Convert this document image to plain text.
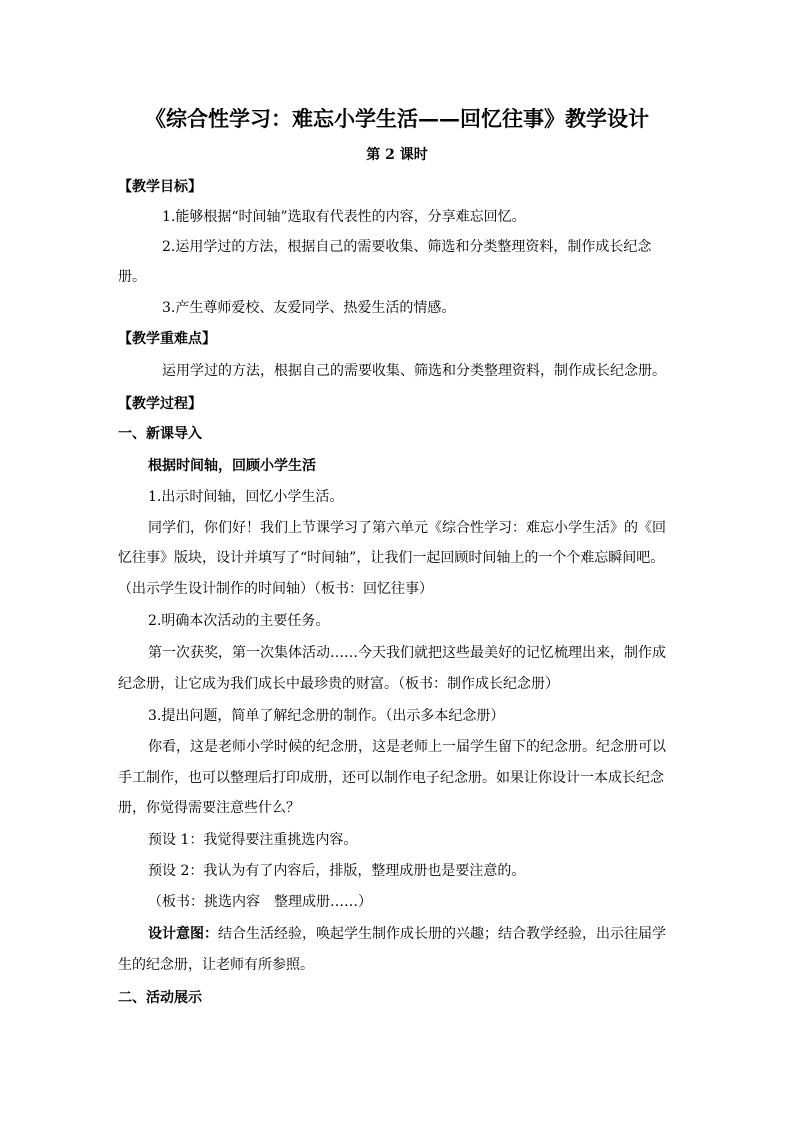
《综合性学习：难忘小学生活——回忆往事》教学设计
第 2 课时
【教学目标】
1.能够根据“时间轴”选取有代表性的内容，分享难忘回忆。
2.运用学过的方法，根据自己的需要收集、筛选和分类整理资料，制作成长纪念
册。
3.产生尊师爱校、友爱同学、热爱生活的情感。
【教学重难点】
运用学过的方法，根据自己的需要收集、筛选和分类整理资料，制作成长纪念册。
【教学过程】
一、新课导入
根据时间轴，回顾小学生活
1.出示时间轴，回忆小学生活。
同学们，你们好！我们上节课学习了第六单元《综合性学习：难忘小学生活》的《回
忆往事》版块，设计并填写了“时间轴”，让我们一起回顾时间轴上的一个个难忘瞬间吧。
（出示学生设计制作的时间轴）（板书：回忆往事）
2.明确本次活动的主要任务。
第一次获奖，第一次集体活动……今天我们就把这些最美好的记忆梳理出来，制作成
纪念册，让它成为我们成长中最珍贵的财富。（板书：制作成长纪念册）
3.提出问题，简单了解纪念册的制作。（出示多本纪念册）
你看，这是老师小学时候的纪念册，这是老师上一届学生留下的纪念册。纪念册可以
手工制作，也可以整理后打印成册，还可以制作电子纪念册。如果让你设计一本成长纪念
册，你觉得需要注意些什么？
预设 1：我觉得要注重挑选内容。
预设 2：我认为有了内容后，排版，整理成册也是要注意的。
（板书：挑选内容　整理成册……）
设计意图：结合生活经验，唤起学生制作成长册的兴趣；结合教学经验，出示往届学
生的纪念册，让老师有所参照。
二、活动展示
